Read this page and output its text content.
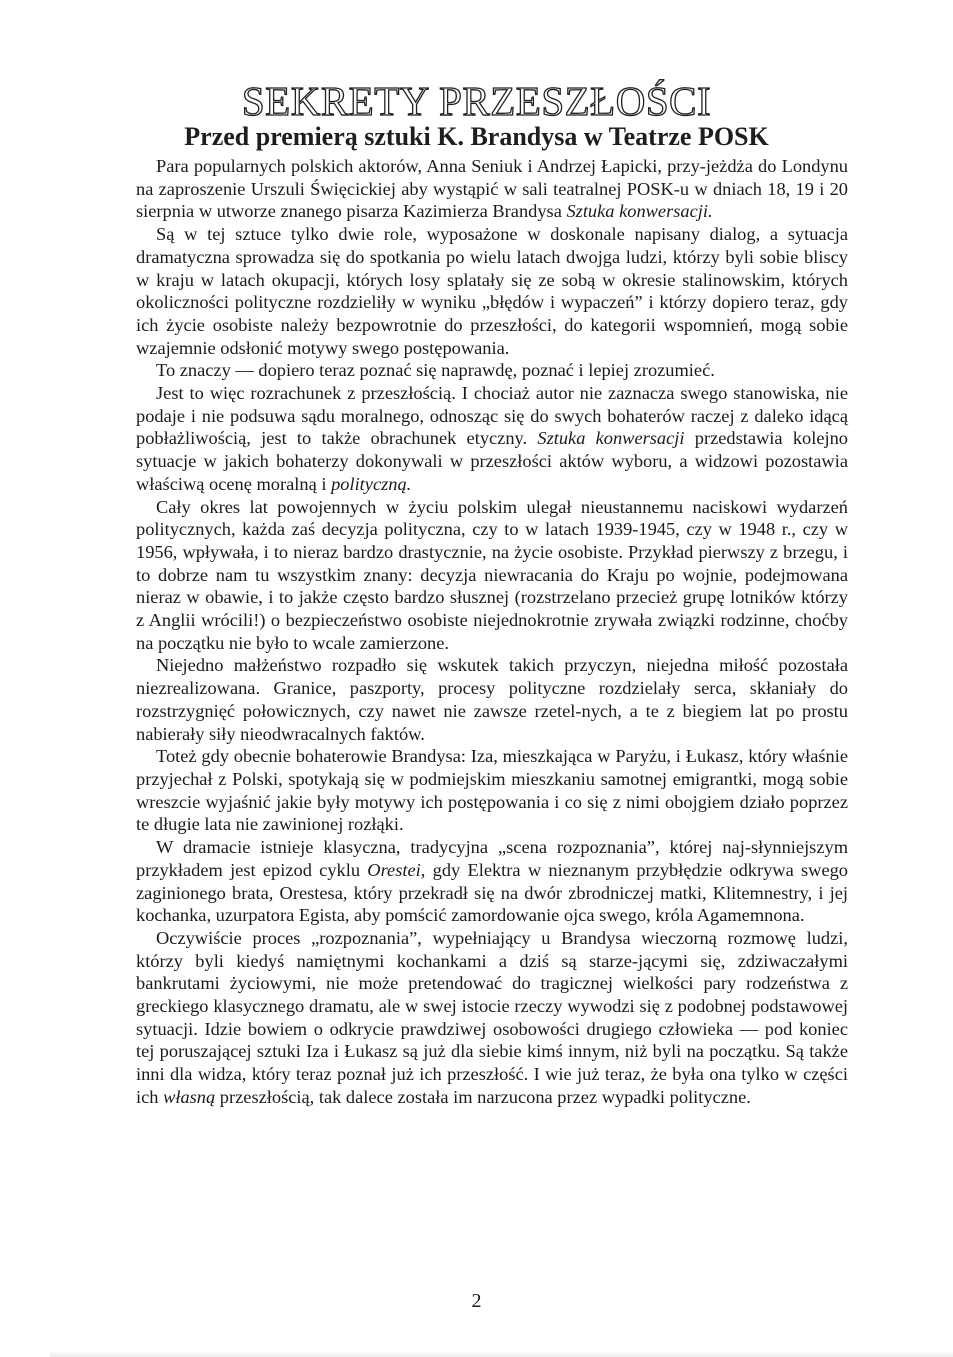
SEKRETY PRZESZŁOŚCI
Przed premierą sztuki K. Brandysa w Teatrze POSK

Para popularnych polskich aktorów, Anna Seniuk i Andrzej Łapicki, przy-jeżdża do Londynu na zaproszenie Urszuli Święcickiej aby wystąpić w sali teatralnej POSK-u w dniach 18, 19 i 20 sierpnia w utworze znanego pisarza Kazimierza Brandysa Sztuka konwersacji.

Są w tej sztuce tylko dwie role, wyposażone w doskonale napisany dialog, a sytuacja dramatyczna sprowadza się do spotkania po wielu latach dwojga ludzi, którzy byli sobie bliscy w kraju w latach okupacji, których losy splatały się ze sobą w okresie stalinowskim, których okoliczności polityczne rozdzieliły w wyniku „błędów i wypaczeń” i którzy dopiero teraz, gdy ich życie osobiste należy bezpowrotnie do przeszłości, do kategorii wspomnień, mogą sobie wzajemnie odsłonić motywy swego postępowania.

To znaczy — dopiero teraz poznać się naprawdę, poznać i lepiej zrozumieć.

Jest to więc rozrachunek z przeszłością. I chociaż autor nie zaznacza swego stanowiska, nie podaje i nie podsuwa sądu moralnego, odnosząc się do swych bohaterów raczej z daleko idącą pobłażliwością, jest to także obrachunek etyczny. Sztuka konwersacji przedstawia kolejno sytuacje w jakich bohaterzy dokonywali w przeszłości aktów wyboru, a widzowi pozostawia właściwą ocenę moralną i polityczną.

Cały okres lat powojennych w życiu polskim ulegał nieustannemu naciskowi wydarzeń politycznych, każda zaś decyzja polityczna, czy to w latach 1939-1945, czy w 1948 r., czy w 1956, wpływała, i to nieraz bardzo drastycznie, na życie osobiste. Przykład pierwszy z brzegu, i to dobrze nam tu wszystkim znany: decyzja niewracania do Kraju po wojnie, podejmowana nieraz w obawie, i to jakże często bardzo słusznej (rozstrzelano przecież grupę lotników którzy z Anglii wrócili!) o bezpieczeństwo osobiste niejednokrotnie zrywała związki rodzinne, choćby na początku nie było to wcale zamierzone.

Niejedno małżeństwo rozpadło się wskutek takich przyczyn, niejedna miłość pozostała niezrealizowana. Granice, paszporty, procesy polityczne rozdzielały serca, skłaniały do rozstrzygnięć połowicznych, czy nawet nie zawsze rzetel-nych, a te z biegiem lat po prostu nabierały siły nieodwracalnych faktów.

Toteż gdy obecnie bohaterowie Brandysa: Iza, mieszkająca w Paryżu, i Łukasz, który właśnie przyjechał z Polski, spotykają się w podmiejskim mieszkaniu samotnej emigrantki, mogą sobie wreszcie wyjaśnić jakie były motywy ich postępowania i co się z nimi obojgiem działo poprzez te długie lata nie zawinionej rozłąki.

W dramacie istnieje klasyczna, tradycyjna „scena rozpoznania”, której naj-słynniejszym przykładem jest epizod cyklu Orestei, gdy Elektra w nieznanym przybłędzie odkrywa swego zaginionego brata, Orestesa, który przekradł się na dwór zbrodniczej matki, Klitemnestry, i jej kochanka, uzurpatora Egista, aby pomścić zamordowanie ojca swego, króla Agamemnona.

Oczywiście proces „rozpoznania”, wypełniający u Brandysa wieczorną rozmowę ludzi, którzy byli kiedyś namiętnymi kochankami a dziś są starze-jącymi się, zdziwaczałymi bankrutami życiowymi, nie może pretendować do tragicznej wielkości pary rodzeństwa z greckiego klasycznego dramatu, ale w swej istocie rzeczy wywodzi się z podobnej podstawowej sytuacji. Idzie bowiem o odkrycie prawdziwej osobowości drugiego człowieka — pod koniec tej poruszającej sztuki Iza i Łukasz są już dla siebie kimś innym, niż byli na początku. Są także inni dla widza, który teraz poznał już ich przeszłość. I wie już teraz, że była ona tylko w części ich własną przeszłością, tak dalece została im narzucona przez wypadki polityczne.

2
